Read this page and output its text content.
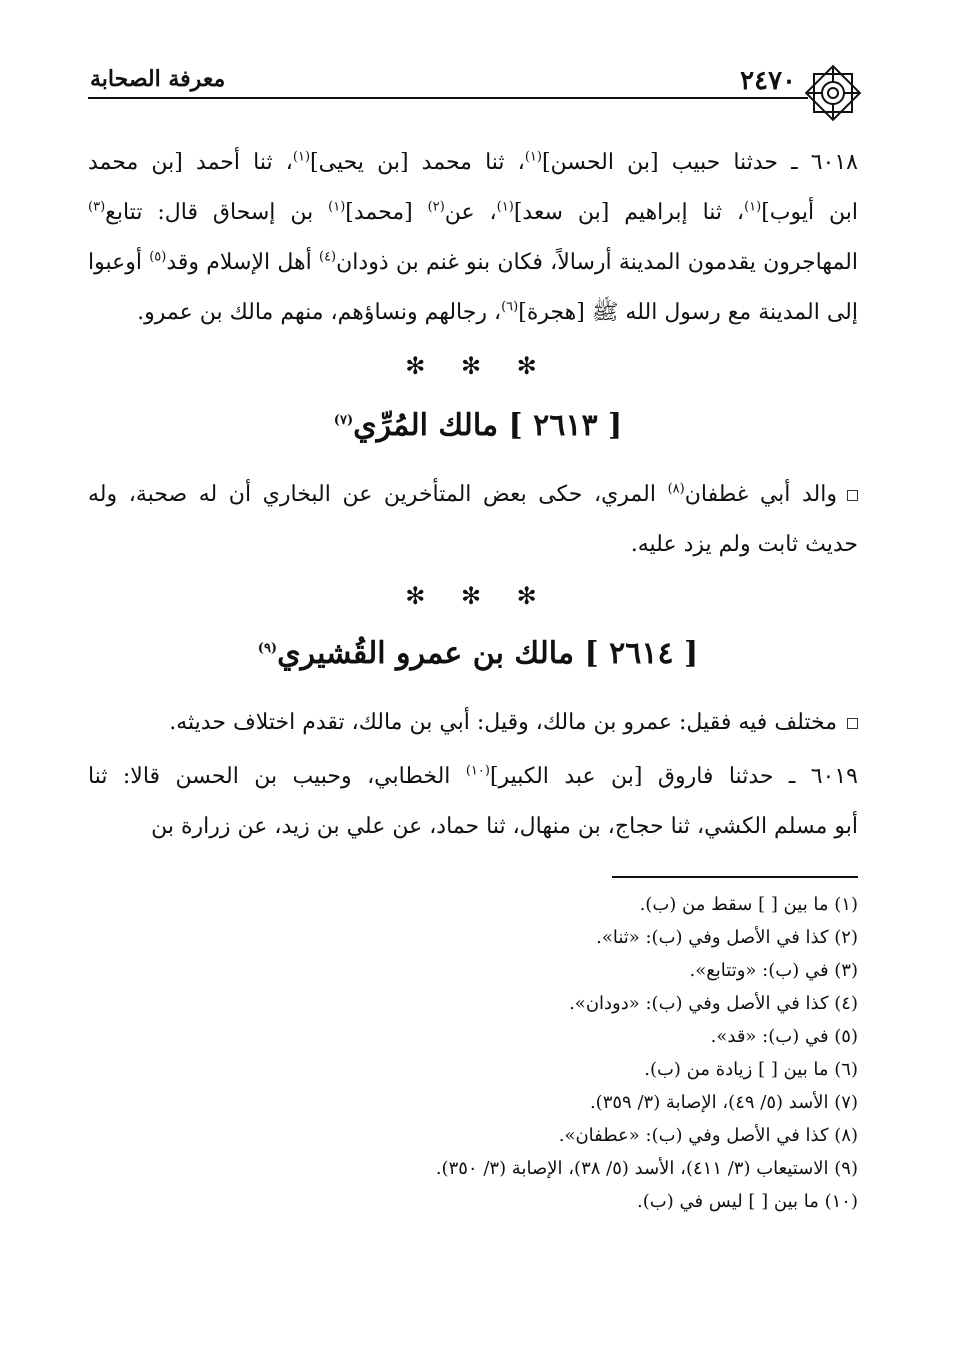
٢٤٧٠
معرفة الصحابة
٦٠١٨ ـ حدثنا حبيب [بن الحسن]$^{(١)}$، ثنا محمد [بن يحيى]$^{(١)}$، ثنا أحمد [بن محمد
ابن أيوب]$^{(١)}$، ثنا إبراهيم [بن سعد]$^{(١)}$، عن$^{(٢)}$ [محمد]$^{(١)}$ بن إسحاق قال: تتابع$^{(٣)}$
المهاجرون يقدمون المدينة أرسالاً، فكان بنو غنم بن ذودان$^{(٤)}$ أهل الإسلام وقد$^{(٥)}$ أوعبوا
إلى المدينة مع رسول الله ﷺ [هجرة]$^{(٦)}$، رجالهم ونساؤهم، منهم مالك بن عمرو.
✻ ✻ ✻
[ ٢٦١٣ ] مالك المُرِّي$^{(٧)}$
والد أبي غطفان$^{(٨)}$ المري، حكى بعض المتأخرين عن البخاري أن له صحبة، وله
حديث ثابت ولم يزد عليه.
✻ ✻ ✻
[ ٢٦١٤ ] مالك بن عمرو القُشيري$^{(٩)}$
مختلف فيه فقيل: عمرو بن مالك، وقيل: أبي بن مالك، تقدم اختلاف حديثه.
٦٠١٩ ـ حدثنا فاروق [بن عبد الكبير]$^{(١٠)}$ الخطابي، وحبيب بن الحسن قالا: ثنا
أبو مسلم الكشي، ثنا حجاج، بن منهال، ثنا حماد، عن علي بن زيد، عن زرارة بن
(١) ما بين [ ] سقط من (ب).
(٢) كذا في الأصل وفي (ب): «ثنا».
(٣) في (ب): «وتتابع».
(٤) كذا في الأصل وفي (ب): «دودان».
(٥) في (ب): «قد».
(٦) ما بين [ ] زيادة من (ب).
(٧) الأسد (٥/ ٤٩)، الإصابة (٣/ ٣٥٩).
(٨) كذا في الأصل وفي (ب): «عطفان».
(٩) الاستيعاب (٣/ ٤١١)، الأسد (٥/ ٣٨)، الإصابة (٣/ ٣٥٠).
(١٠) ما بين [ ] ليس في (ب).
